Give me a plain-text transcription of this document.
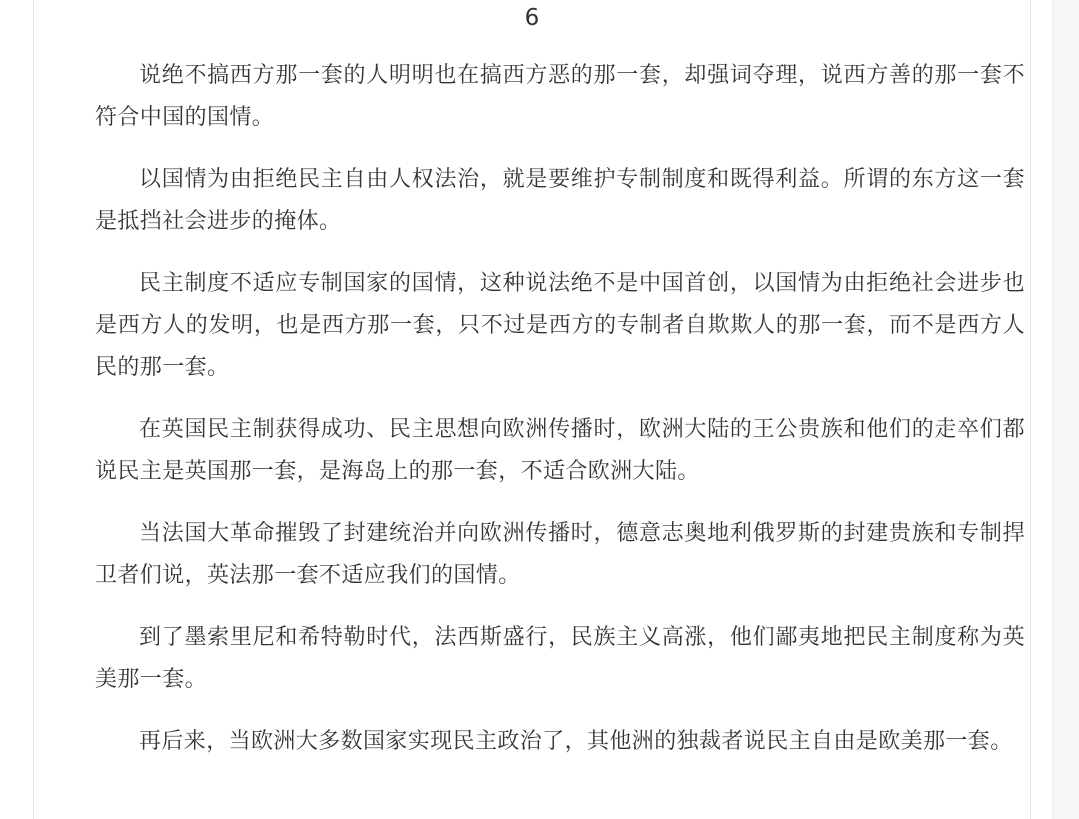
6

说绝不搞西方那一套的人明明也在搞西方恶的那一套，却强词夺理，说西方善的那一套不符合中国的国情。

以国情为由拒绝民主自由人权法治，就是要维护专制制度和既得利益。所谓的东方这一套是抵挡社会进步的掩体。

民主制度不适应专制国家的国情，这种说法绝不是中国首创，以国情为由拒绝社会进步也是西方人的发明，也是西方那一套，只不过是西方的专制者自欺欺人的那一套，而不是西方人民的那一套。

在英国民主制获得成功、民主思想向欧洲传播时，欧洲大陆的王公贵族和他们的走卒们都说民主是英国那一套，是海岛上的那一套，不适合欧洲大陆。

当法国大革命摧毁了封建统治并向欧洲传播时，德意志奥地利俄罗斯的封建贵族和专制捍卫者们说，英法那一套不适应我们的国情。

到了墨索里尼和希特勒时代，法西斯盛行，民族主义高涨，他们鄙夷地把民主制度称为英美那一套。

再后来，当欧洲大多数国家实现民主政治了，其他洲的独裁者说民主自由是欧美那一套。
